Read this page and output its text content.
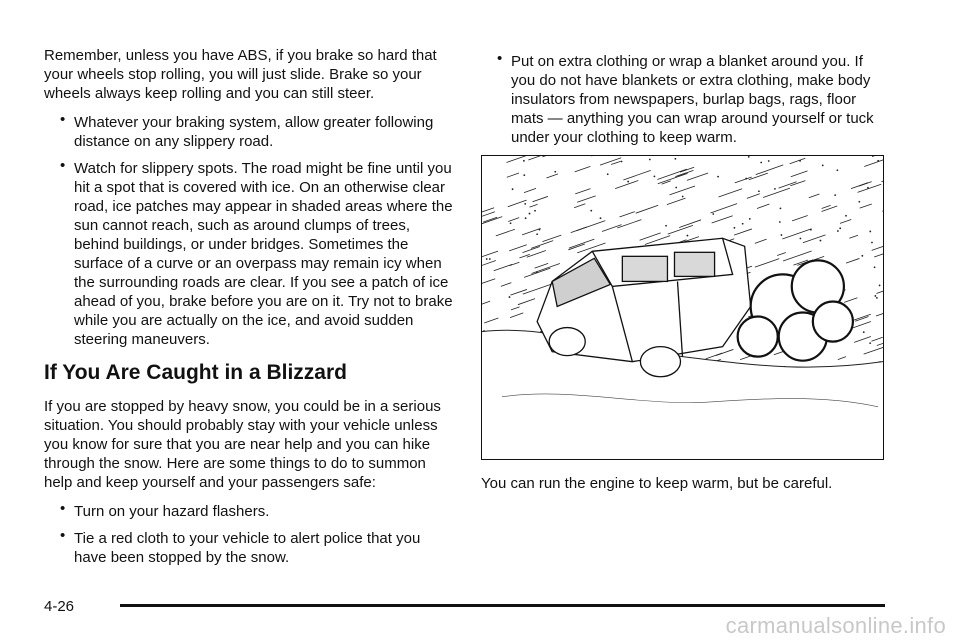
Remember, unless you have ABS, if you brake so hard that your wheels stop rolling, you will just slide. Brake so your wheels always keep rolling and you can still steer.

• Whatever your braking system, allow greater following distance on any slippery road.
• Watch for slippery spots. The road might be fine until you hit a spot that is covered with ice. On an otherwise clear road, ice patches may appear in shaded areas where the sun cannot reach, such as around clumps of trees, behind buildings, or under bridges. Sometimes the surface of a curve or an overpass may remain icy when the surrounding roads are clear. If you see a patch of ice ahead of you, brake before you are on it. Try not to brake while you are actually on the ice, and avoid sudden steering maneuvers.
If You Are Caught in a Blizzard

If you are stopped by heavy snow, you could be in a serious situation. You should probably stay with your vehicle unless you know for sure that you are near help and you can hike through the snow. Here are some things to do to summon help and keep yourself and your passengers safe:

• Turn on your hazard flashers.
• Tie a red cloth to your vehicle to alert police that you have been stopped by the snow.
• Put on extra clothing or wrap a blanket around you. If you do not have blankets or extra clothing, make body insulators from newspapers, burlap bags, rags, floor mats — anything you can wrap around yourself or tuck under your clothing to keep warm.

You can run the engine to keep warm, but be careful.

4-26
carmanualsonline.info
